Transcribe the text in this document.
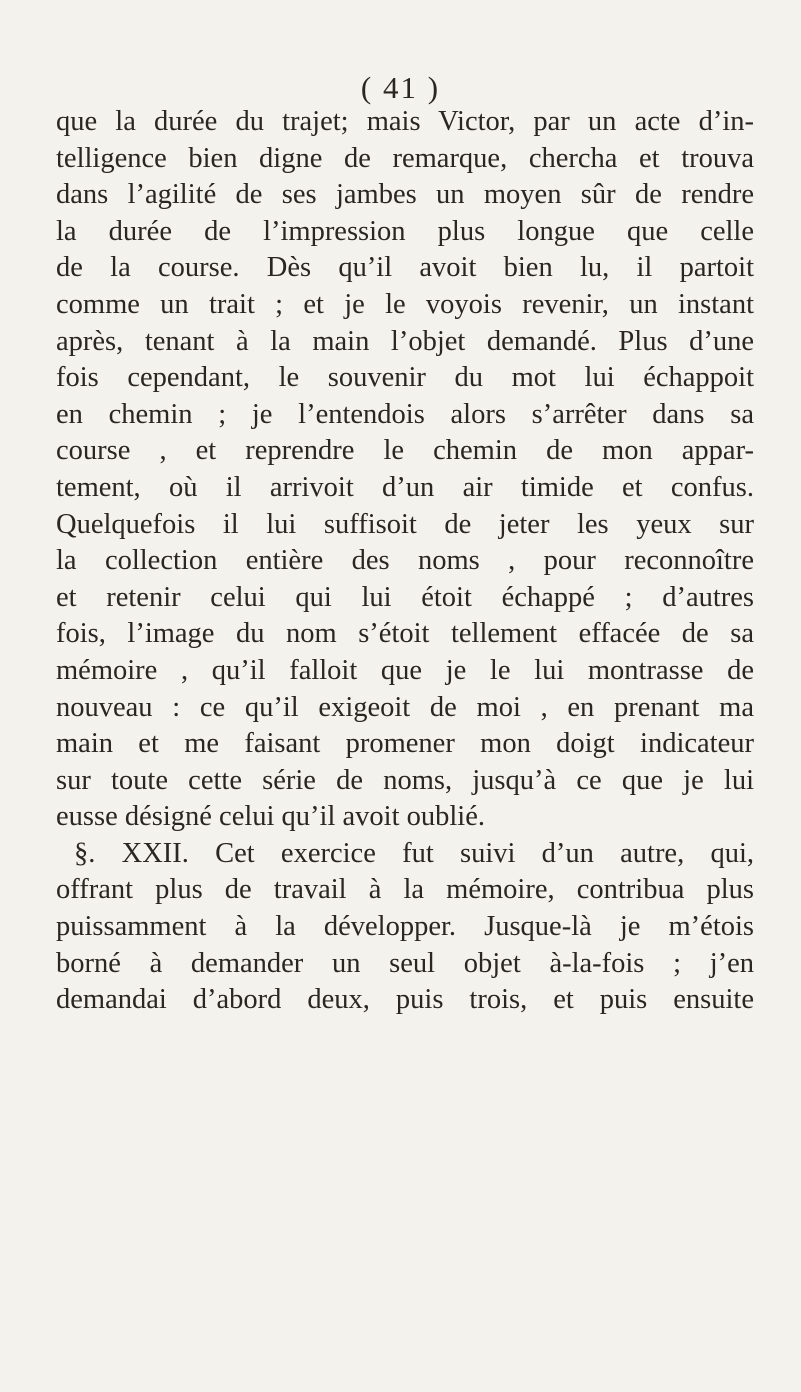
( 41 )
que la durée du trajet; mais Victor, par un acte d’in-
telligence bien digne de remarque, chercha et trouva
dans l’agilité de ses jambes un moyen sûr de rendre
la durée de l’impression plus longue que celle
de la course. Dès qu’il avoit bien lu, il partoit
comme un trait ; et je le voyois revenir, un instant
après, tenant à la main l’objet demandé. Plus d’une
fois cependant, le souvenir du mot lui échappoit
en chemin ; je l’entendois alors s’arrêter dans sa
course , et reprendre le chemin de mon appar-
tement, où il arrivoit d’un air timide et confus.
Quelquefois il lui suffisoit de jeter les yeux sur
la collection entière des noms , pour reconnoître
et retenir celui qui lui étoit échappé ; d’autres
fois, l’image du nom s’étoit tellement effacée de sa
mémoire , qu’il falloit que je le lui montrasse de
nouveau : ce qu’il exigeoit de moi , en prenant ma
main et me faisant promener mon doigt indicateur
sur toute cette série de noms, jusqu’à ce que je lui
eusse désigné celui qu’il avoit oublié.
§. XXII. Cet exercice fut suivi d’un autre, qui,
offrant plus de travail à la mémoire, contribua plus
puissamment à la développer. Jusque-là je m’étois
borné à demander un seul objet à-la-fois ; j’en
demandai d’abord deux, puis trois, et puis ensuite
